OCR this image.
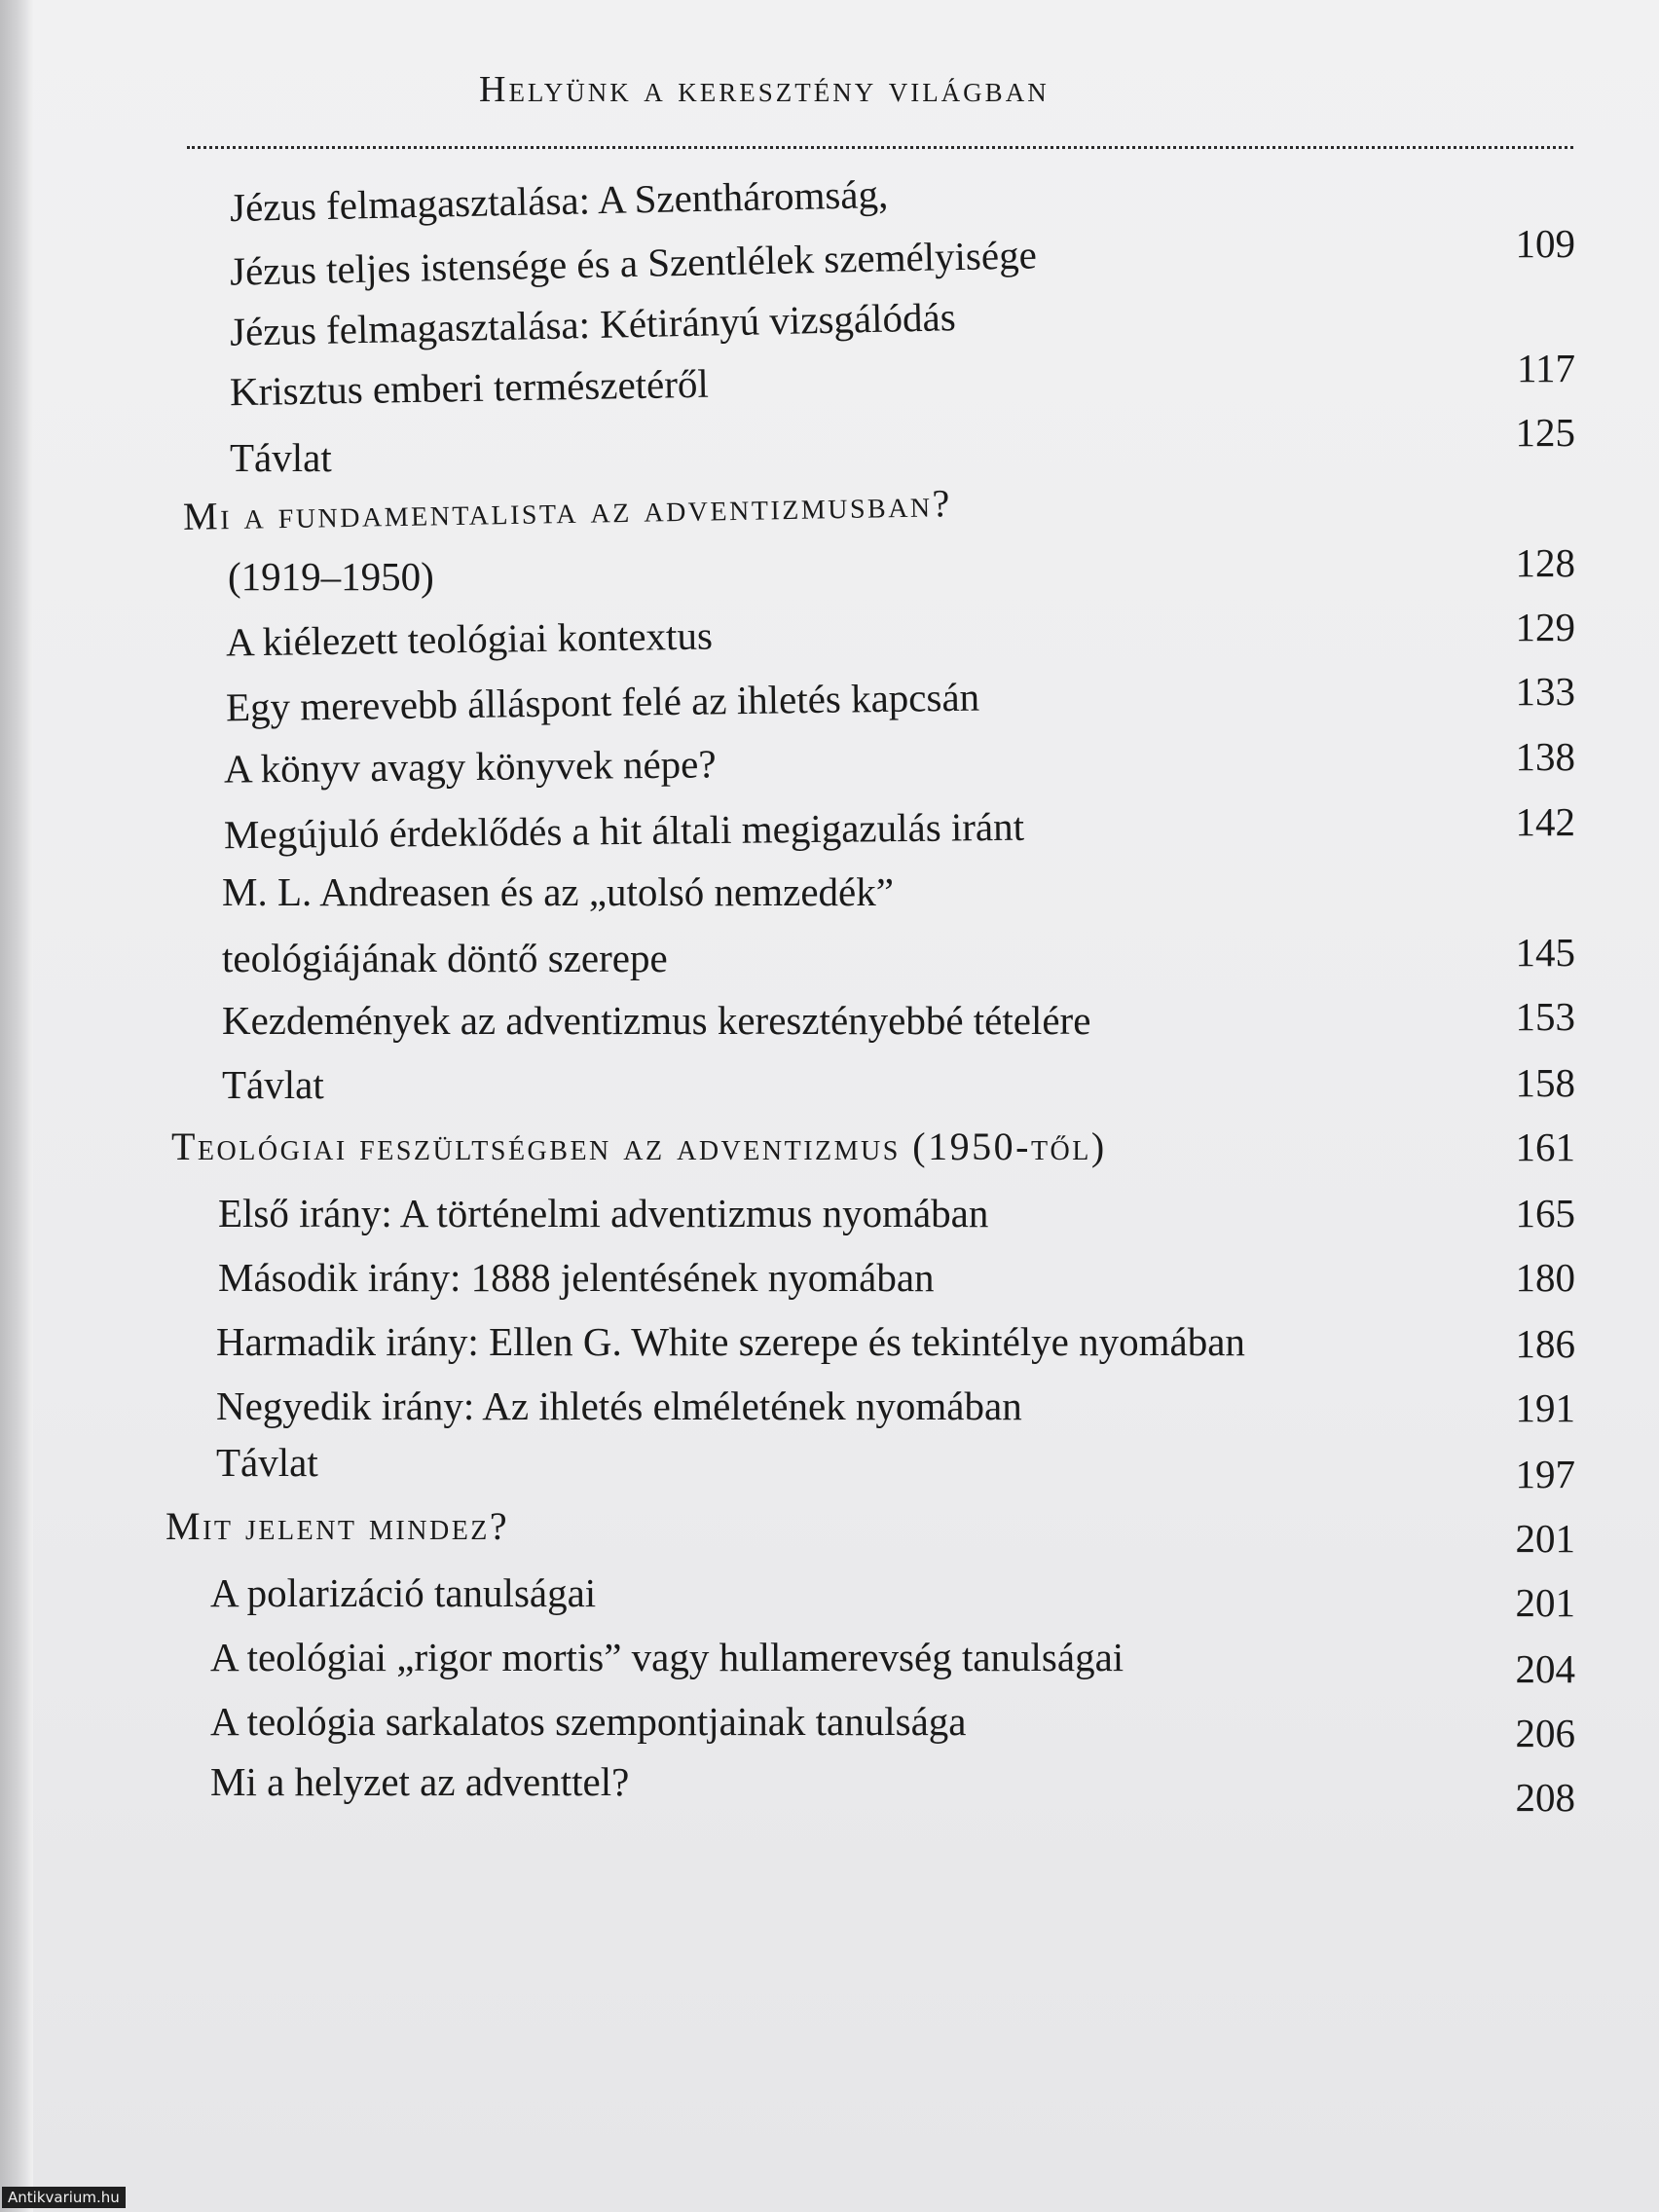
Helyünk a keresztény világban
Jézus felmagasztalása: A Szentháromság,
Jézus teljes istensége és a Szentlélek személyisége
Jézus felmagasztalása: Kétirányú vizsgálódás
Krisztus emberi természetéről
Távlat
Mi a fundamentalista az adventizmusban?
(1919–1950)
A kiélezett teológiai kontextus
Egy merevebb álláspont felé az ihletés kapcsán
A könyv avagy könyvek népe?
Megújuló érdeklődés a hit általi megigazulás iránt
M. L. Andreasen és az „utolsó nemzedék”
teológiájának döntő szerepe
Kezdemények az adventizmus keresztényebbé tételére
Távlat
Teológiai feszültségben az adventizmus (1950-től)
Első irány: A történelmi adventizmus nyomában
Második irány: 1888 jelentésének nyomában
Harmadik irány: Ellen G. White szerepe és tekintélye nyomában
Negyedik irány: Az ihletés elméletének nyomában
Távlat
Mit jelent mindez?
A polarizáció tanulságai
A teológiai „rigor mortis” vagy hullamerevség tanulságai
A teológia sarkalatos szempontjainak tanulsága
Mi a helyzet az adventtel?
109
117
125
128
129
133
138
142
145
153
158
161
165
180
186
191
197
201
201
204
206
208
Antikvarium.hu
